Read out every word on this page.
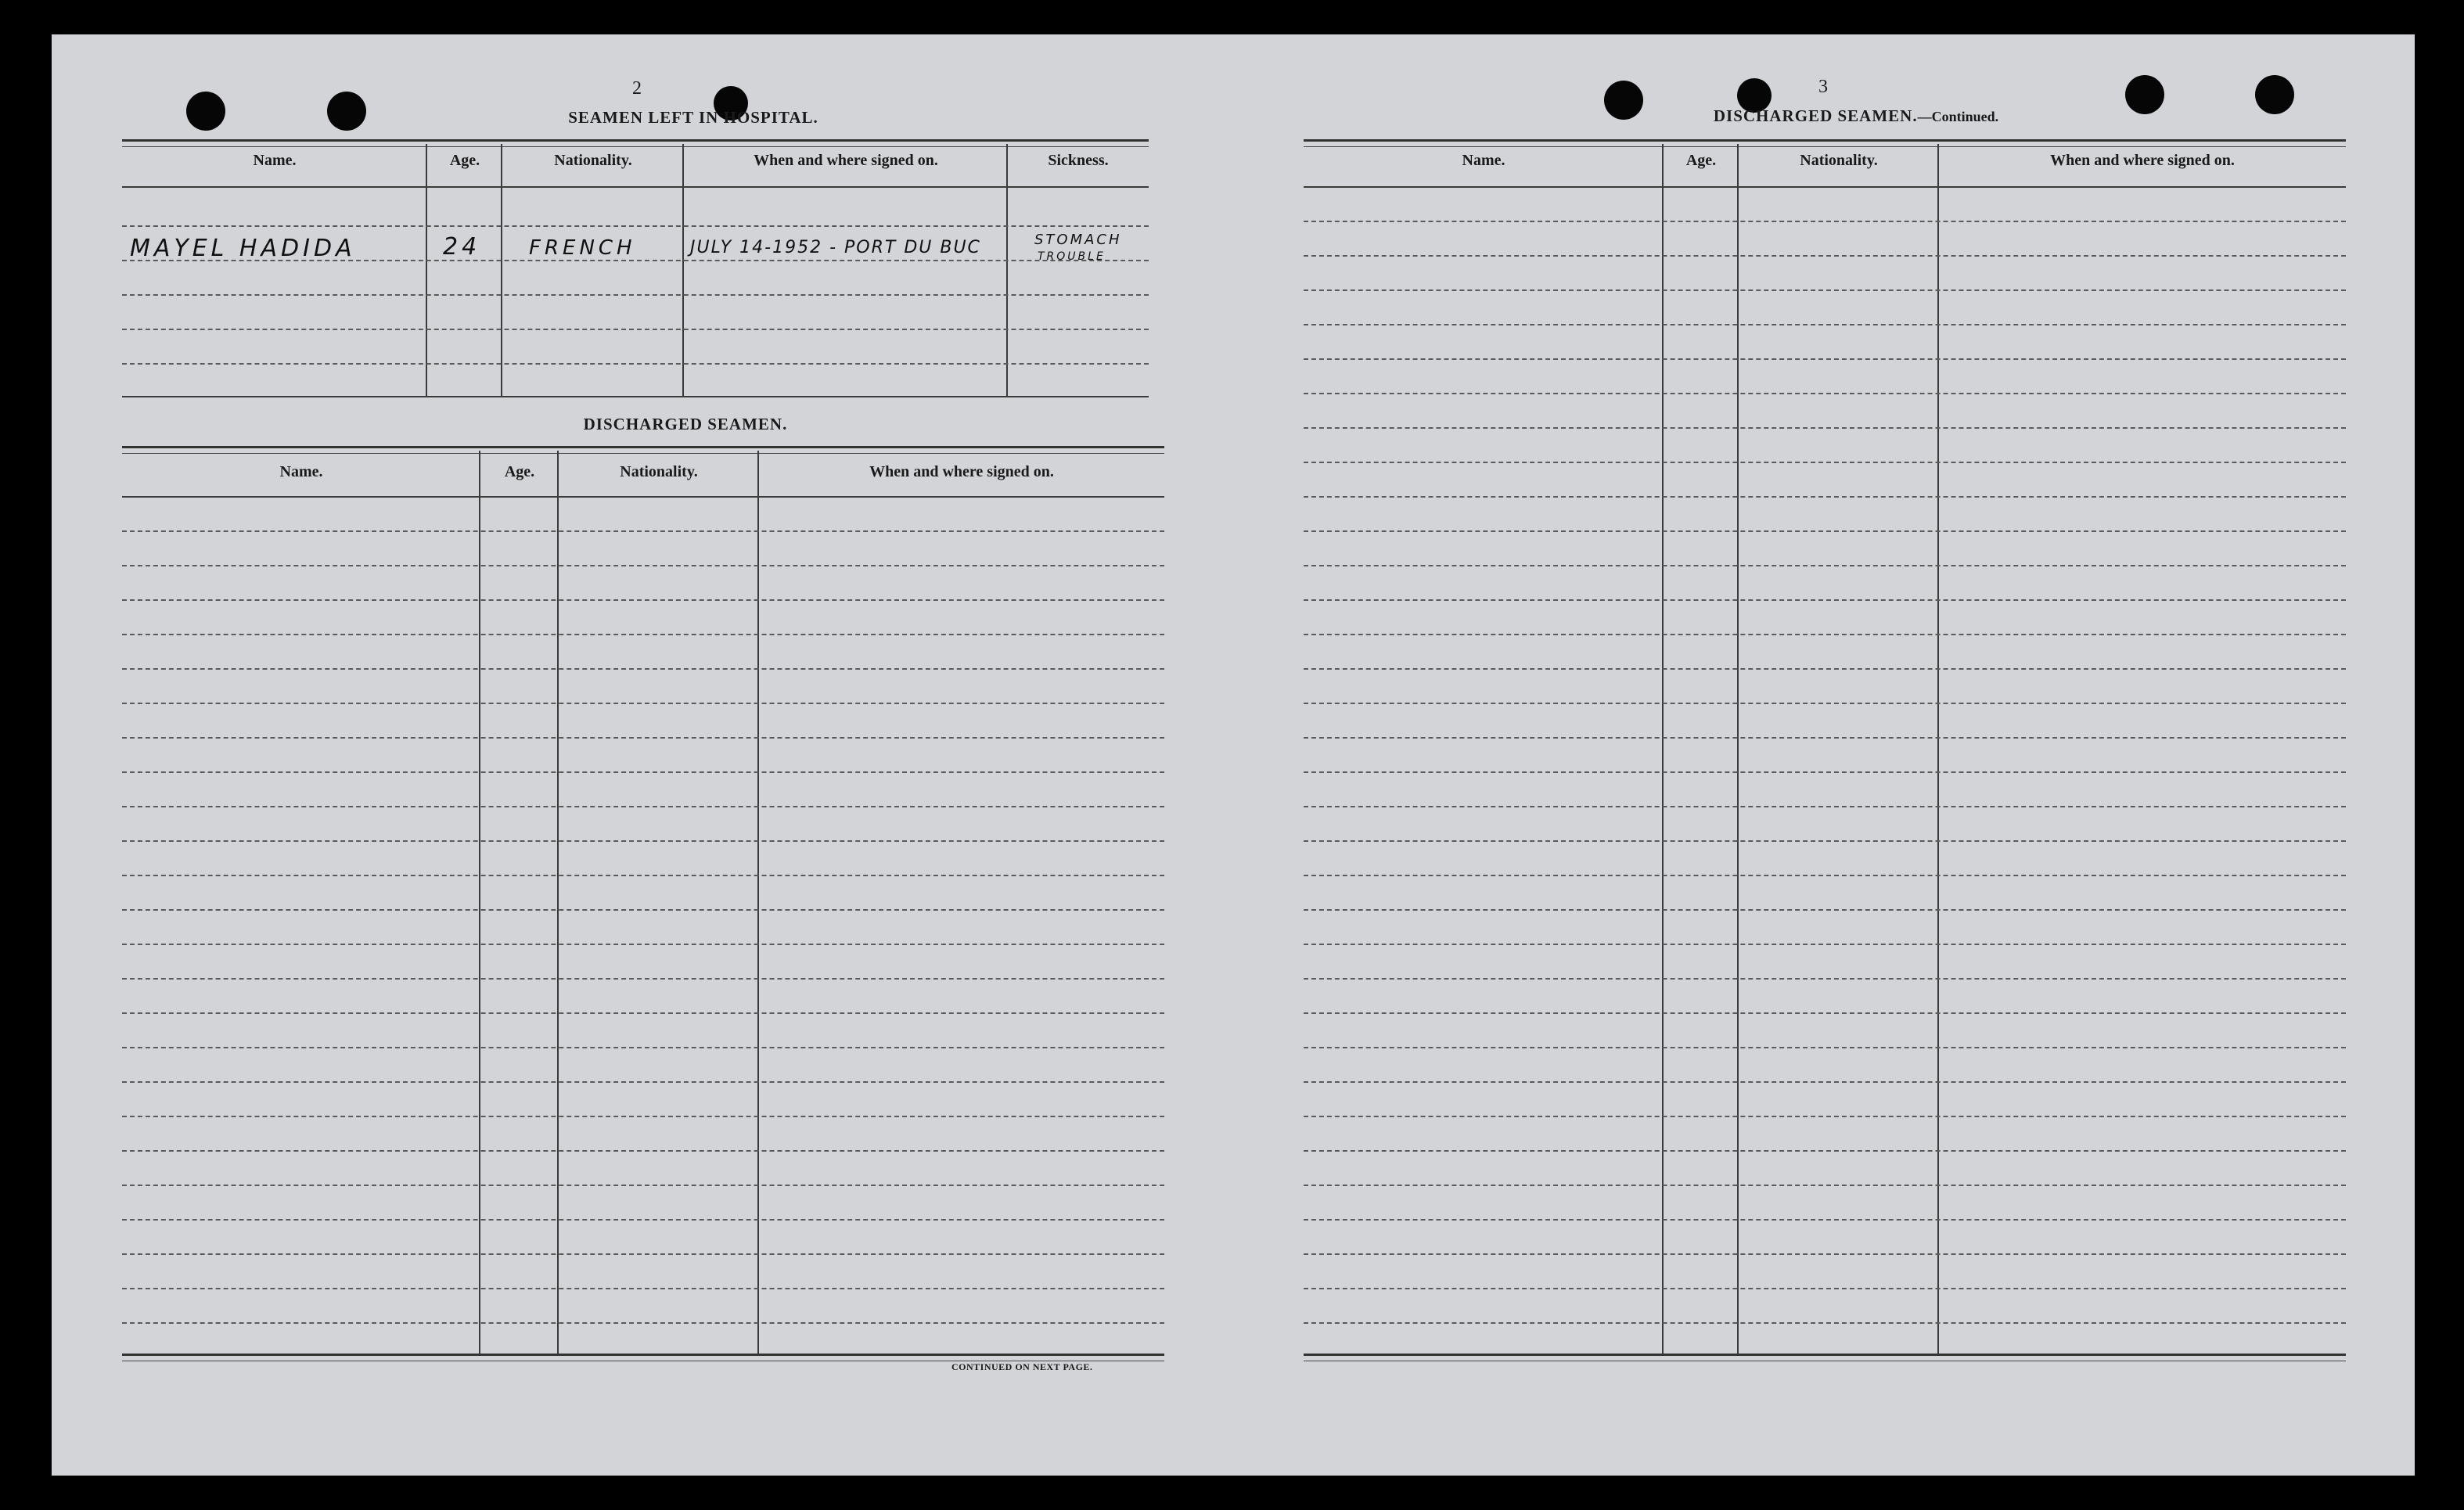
2
SEAMEN LEFT IN HOSPITAL.
Name.	Age.	Nationality.	When and where signed on.	Sickness.
MAYEL HADIDA	24 FRENCH	JULY 14-1952 - PORT DU BUC	STOMACH
TROUBLE
DISCHARGED SEAMEN.
Name.	Age.	Nationality.	When and where signed on.
CONTINUED ON NEXT PAGE.
3
DISCHARGED SEAMEN.—Continued.
Name.	Age.	Nationality.	When and where signed on.
